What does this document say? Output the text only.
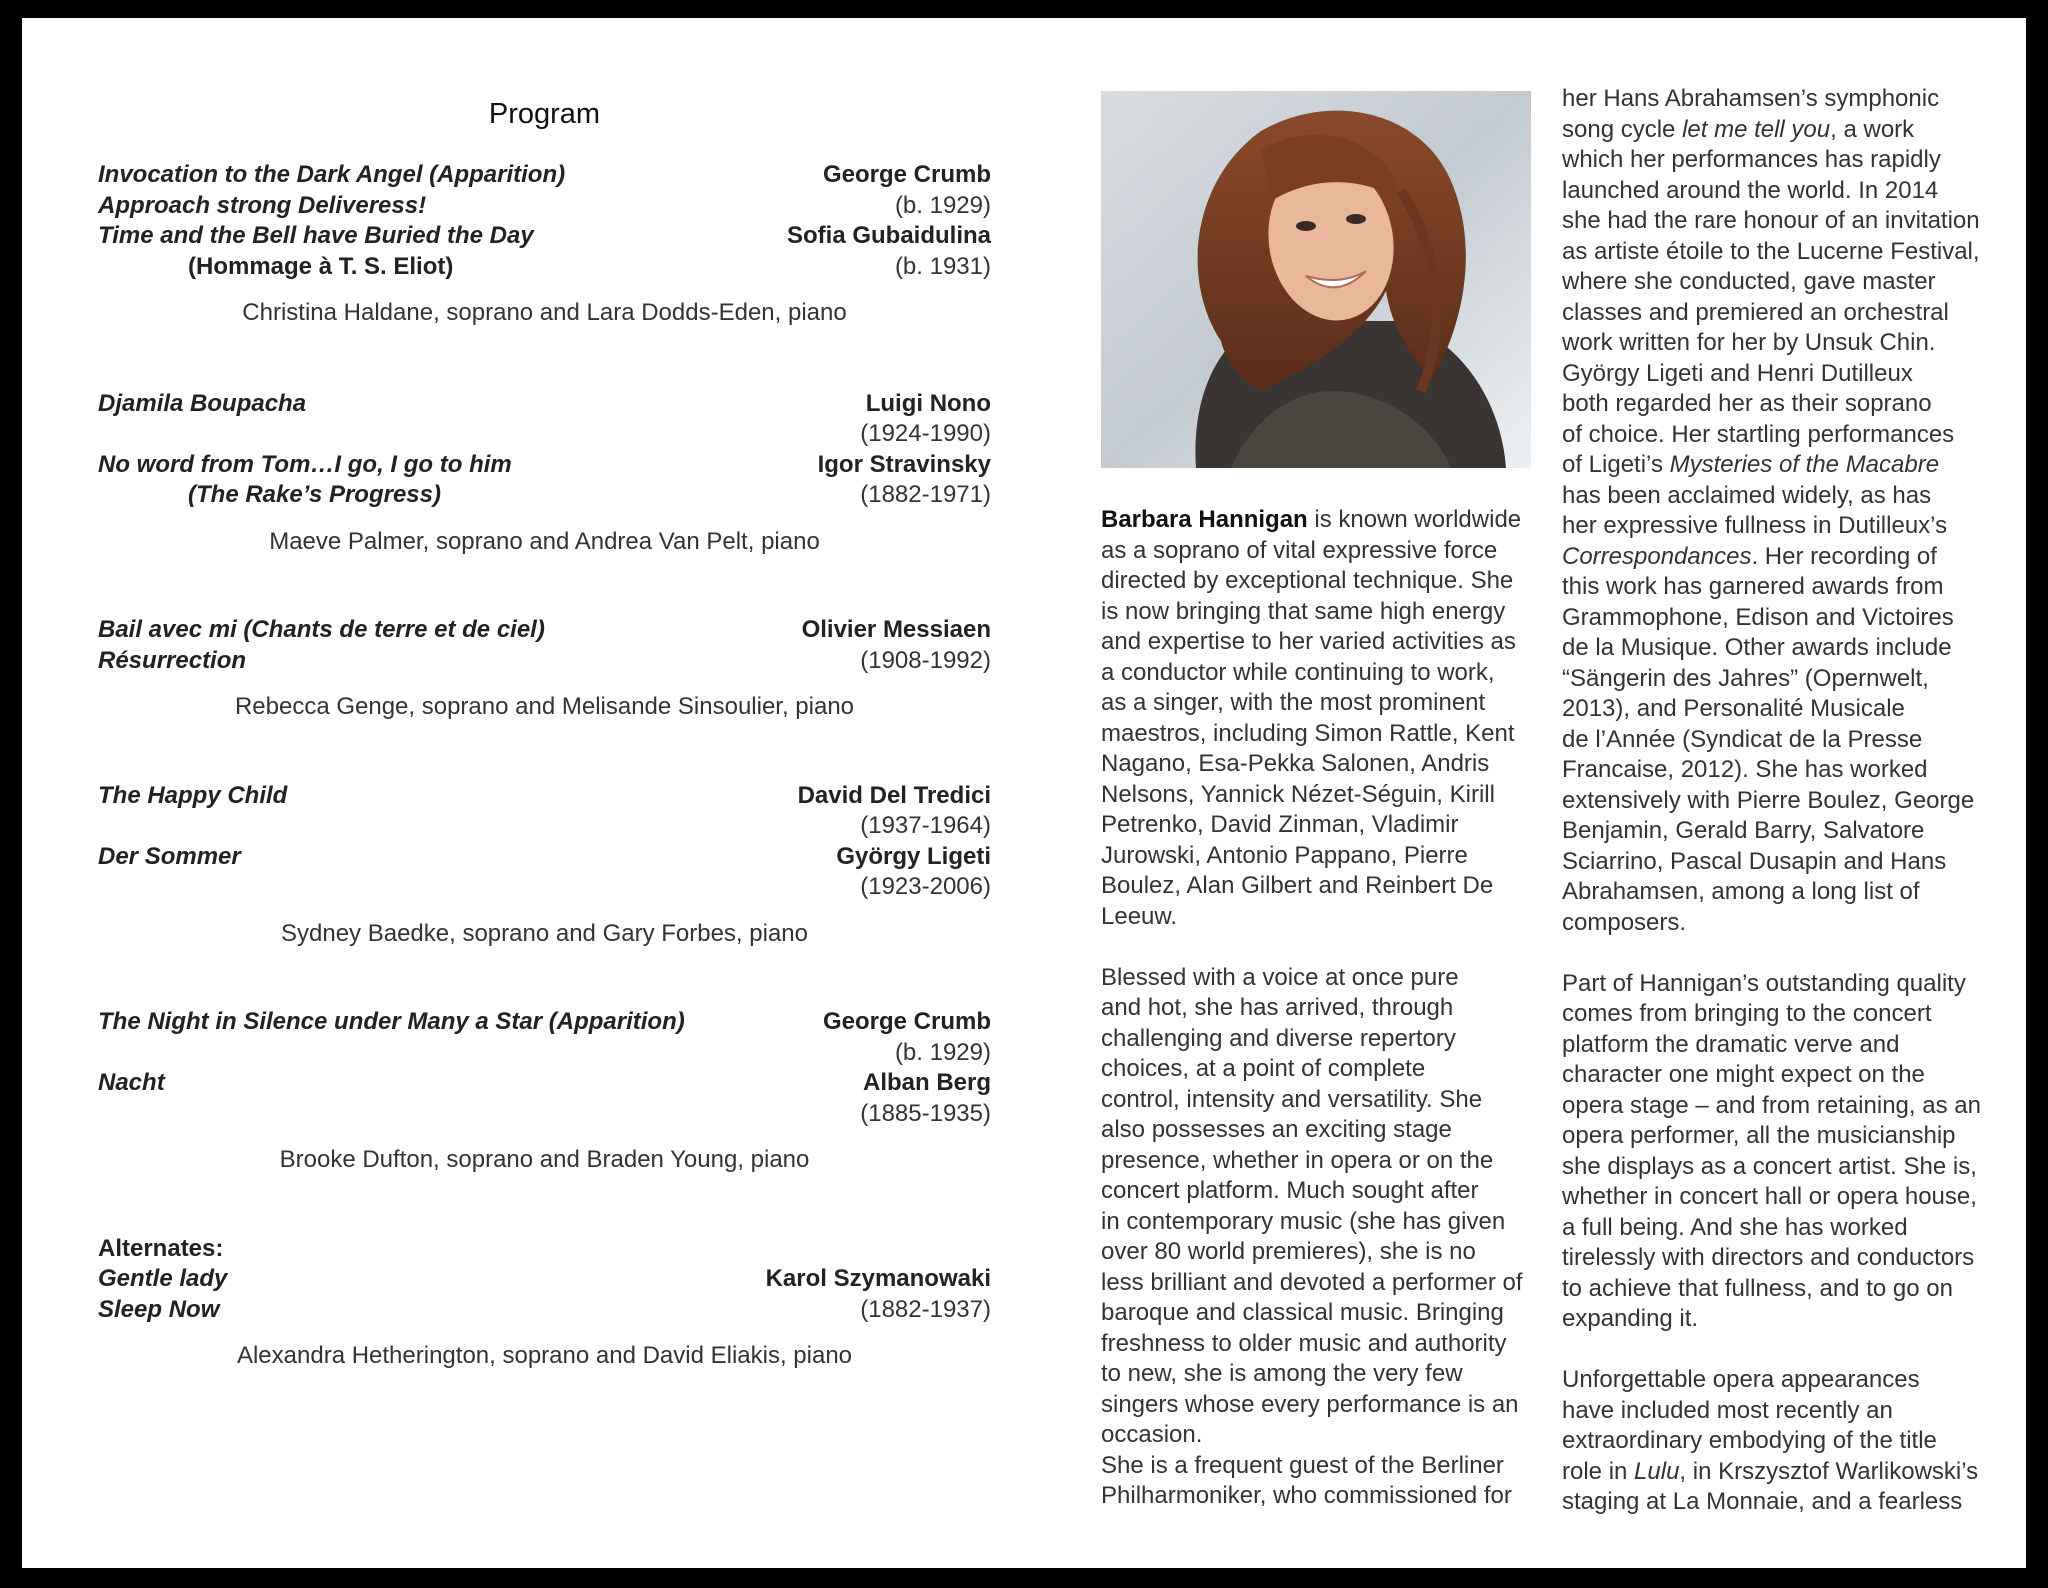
Program
Invocation to the Dark Angel (Apparition)	George Crumb
Approach strong Deliveress!	(b. 1929)
Time and the Bell have Buried the Day	Sofia Gubaidulina
(Hommage à T. S. Eliot)	(b. 1931)
Christina Haldane, soprano and Lara Dodds-Eden, piano
Djamila Boupacha	Luigi Nono
(1924-1990)
No word from Tom…I go, I go to him	Igor Stravinsky
(The Rake’s Progress)	(1882-1971)
Maeve Palmer, soprano and Andrea Van Pelt, piano
Bail avec mi (Chants de terre et de ciel)	Olivier Messiaen
Résurrection	(1908-1992)
Rebecca Genge, soprano and Melisande Sinsoulier, piano
The Happy Child	David Del Tredici
(1937-1964)
Der Sommer	György Ligeti
(1923-2006)
Sydney Baedke, soprano and Gary Forbes, piano
The Night in Silence under Many a Star (Apparition)	George Crumb
(b. 1929)
Nacht	Alban Berg
(1885-1935)
Brooke Dufton, soprano and Braden Young, piano
Alternates:
Gentle lady	Karol Szymanowaki
Sleep Now	(1882-1937)
Alexandra Hetherington, soprano and David Eliakis, piano

Barbara Hannigan is known worldwide
as a soprano of vital expressive force
directed by exceptional technique. She
is now bringing that same high energy
and expertise to her varied activities as
a conductor while continuing to work,
as a singer, with the most prominent
maestros, including Simon Rattle, Kent
Nagano, Esa-Pekka Salonen, Andris
Nelsons, Yannick Nézet-Séguin, Kirill
Petrenko, David Zinman, Vladimir
Jurowski, Antonio Pappano, Pierre
Boulez, Alan Gilbert and Reinbert De
Leeuw.

Blessed with a voice at once pure
and hot, she has arrived, through
challenging and diverse repertory
choices, at a point of complete
control, intensity and versatility. She
also possesses an exciting stage
presence, whether in opera or on the
concert platform. Much sought after
in contemporary music (she has given
over 80 world premieres), she is no
less brilliant and devoted a performer of
baroque and classical music. Bringing
freshness to older music and authority
to new, she is among the very few
singers whose every performance is an
occasion.
She is a frequent guest of the Berliner
Philharmoniker, who commissioned for

her Hans Abrahamsen’s symphonic
song cycle let me tell you, a work
which her performances has rapidly
launched around the world. In 2014
she had the rare honour of an invitation
as artiste étoile to the Lucerne Festival,
where she conducted, gave master
classes and premiered an orchestral
work written for her by Unsuk Chin.
György Ligeti and Henri Dutilleux
both regarded her as their soprano
of choice. Her startling performances
of Ligeti’s Mysteries of the Macabre
has been acclaimed widely, as has
her expressive fullness in Dutilleux’s
Correspondances. Her recording of
this work has garnered awards from
Grammophone, Edison and Victoires
de la Musique. Other awards include
“Sängerin des Jahres” (Opernwelt,
2013), and Personalité Musicale
de l’Année (Syndicat de la Presse
Francaise, 2012). She has worked
extensively with Pierre Boulez, George
Benjamin, Gerald Barry, Salvatore
Sciarrino, Pascal Dusapin and Hans
Abrahamsen, among a long list of
composers.

Part of Hannigan’s outstanding quality
comes from bringing to the concert
platform the dramatic verve and
character one might expect on the
opera stage – and from retaining, as an
opera performer, all the musicianship
she displays as a concert artist. She is,
whether in concert hall or opera house,
a full being. And she has worked
tirelessly with directors and conductors
to achieve that fullness, and to go on
expanding it.

Unforgettable opera appearances
have included most recently an
extraordinary embodying of the title
role in Lulu, in Krszysztof Warlikowski’s
staging at La Monnaie, and a fearless
